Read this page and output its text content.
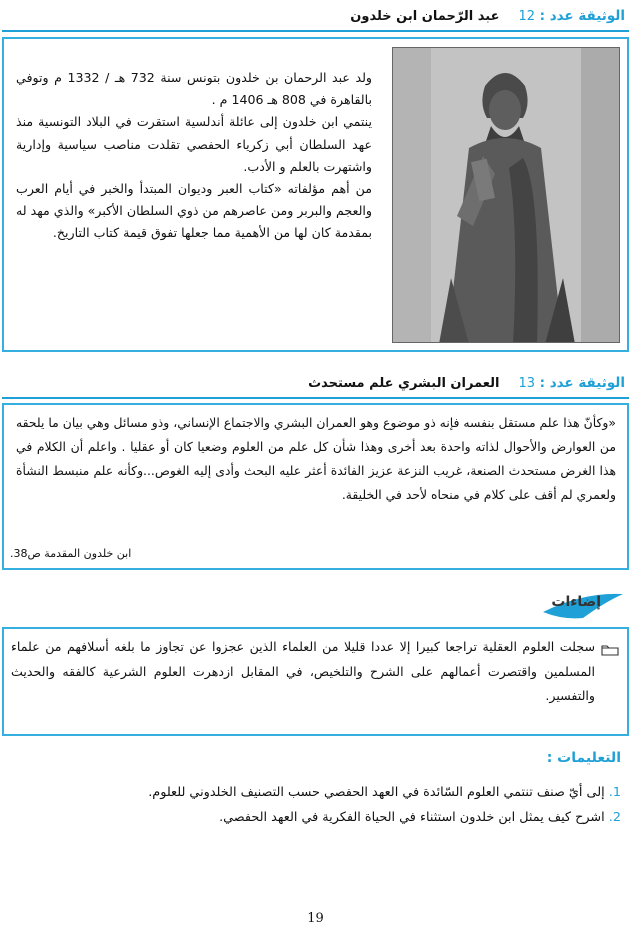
الوثيقة عدد : 12  عبد الرّحمان ابن خلدون

ولد عبد الرحمان بن خلدون بتونس سنة 732 هـ / 1332 م وتوفي بالقاهرة في 808 هـ 1406 م .

ينتمي ابن خلدون إلى عائلة أندلسية استقرت في البلاد التونسية منذ عهد السلطان أبي زكرياء الحفصي تقلدت مناصب سياسية وإدارية واشتهرت بالعلم و الأدب.

من أهم مؤلفاته «كتاب العبر وديوان المبتدأ والخبر في أيام العرب والعجم والبربر ومن عاصرهم من ذوي السلطان الأكبر» والذي مهد له بمقدمة كان لها من الأهمية مما جعلها تفوق قيمة كتاب التاريخ.

الوثيقة عدد : 13  العمران البشري علم مستحدث

«وكأنّ هذا علم مستقل بنفسه فإنه ذو موضوع وهو العمران البشري والاجتماع الإنساني، وذو مسائل وهي بيان ما يلحقه من العوارض والأحوال لذاته واحدة بعد أخرى وهذا شأن كل علم من العلوم وضعيا كان أو عقليا . واعلم أن الكلام في هذا الغرض مستحدث الصنعة، غريب النزعة عزيز الفائدة أعثر عليه البحث وأدى إليه الغوص...وكأنه علم منبسط النشأة ولعمري لم أقف على كلام في منحاه لأحد في الخليقة.

ابن خلدون المقدمة ص38.
إضاءات

سجلت العلوم العقلية تراجعا كبيرا إلا عددا قليلا من العلماء الذين عجزوا عن تجاوز ما بلغه أسلافهم من علماء المسلمين واقتصرت أعمالهم على الشرح والتلخيص، في المقابل ازدهرت العلوم الشرعية كالفقه والحديث والتفسير.

التعليمات :
1. إلى أيّ صنف تنتمي العلوم السّائدة في العهد الحفصي حسب التصنيف الخلدوني للعلوم.
2. اشرح كيف يمثل ابن خلدون استثناء في الحياة الفكرية في العهد الحفصي.
19
